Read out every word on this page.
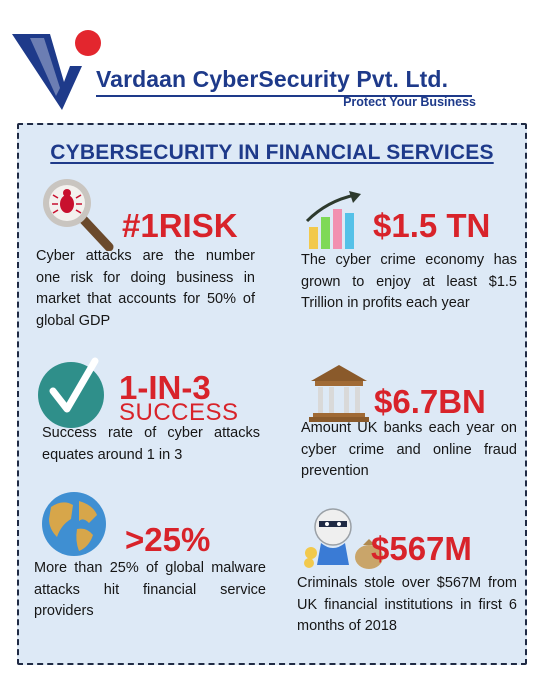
Vardaan CyberSecurity Pvt. Ltd.
Protect Your Business
CYBERSECURITY IN FINANCIAL SERVICES
#1RISK
Cyber attacks are the number one risk for doing business in market that accounts for 50% of global GDP
$1.5 TN
The cyber crime economy has grown to enjoy at least $1.5 Trillion in profits each year
1-IN-3
SUCCESS
Success rate of cyber attacks equates around 1 in 3
$6.7BN
Amount UK banks each year on cyber crime and online fraud prevention
>25%
More than 25% of global malware attacks hit financial service providers
$567M
Criminals stole over $567M from UK financial institutions in first 6 months of 2018
